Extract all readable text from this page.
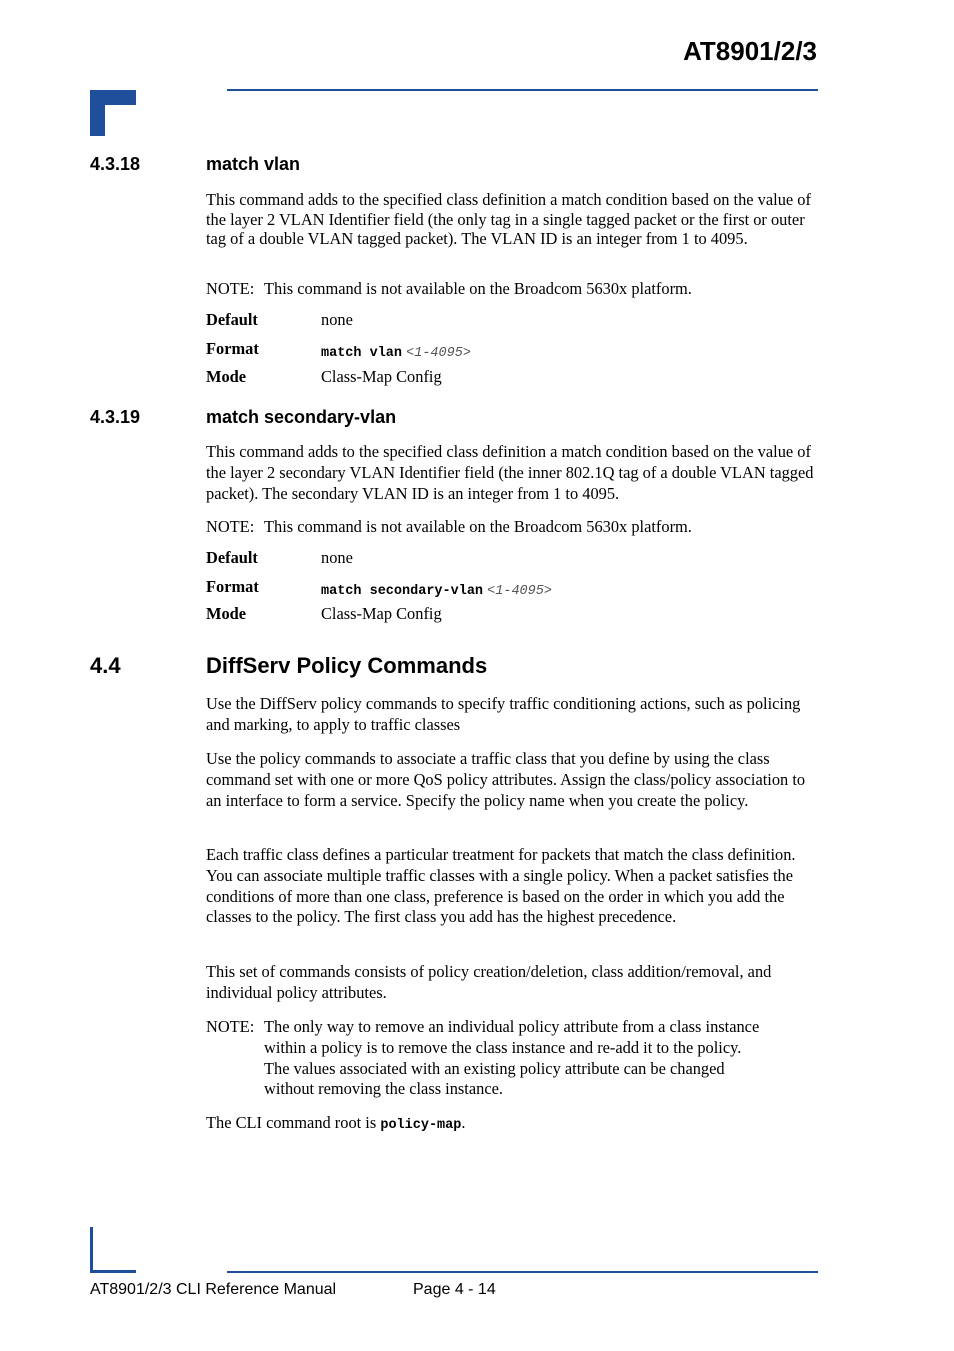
AT8901/2/3
4.3.18	match vlan

This command adds to the specified class definition a match condition based on the value of the layer 2 VLAN Identifier field (the only tag in a single tagged packet or the first or outer tag of a double VLAN tagged packet). The VLAN ID is an integer from 1 to 4095.

NOTE: This command is not available on the Broadcom 5630x platform.
Default	none
Format	match vlan <1-4095>
Mode	Class-Map Config
4.3.19	match secondary-vlan

This command adds to the specified class definition a match condition based on the value of the layer 2 secondary VLAN Identifier field (the inner 802.1Q tag of a double VLAN tagged packet). The secondary VLAN ID is an integer from 1 to 4095.

NOTE: This command is not available on the Broadcom 5630x platform.
Default	none
Format	match secondary-vlan <1-4095>
Mode	Class-Map Config
4.4	DiffServ Policy Commands

Use the DiffServ policy commands to specify traffic conditioning actions, such as policing and marking, to apply to traffic classes

Use the policy commands to associate a traffic class that you define by using the class command set with one or more QoS policy attributes. Assign the class/policy association to an interface to form a service. Specify the policy name when you create the policy.

Each traffic class defines a particular treatment for packets that match the class definition. You can associate multiple traffic classes with a single policy. When a packet satisfies the conditions of more than one class, preference is based on the order in which you add the classes to the policy. The first class you add has the highest precedence.

This set of commands consists of policy creation/deletion, class addition/removal, and individual policy attributes.

NOTE: The only way to remove an individual policy attribute from a class instance within a policy is to remove the class instance and re-add it to the policy. The values associated with an existing policy attribute can be changed without removing the class instance.

The CLI command root is policy-map.
AT8901/2/3 CLI Reference Manual	Page 4 - 14
